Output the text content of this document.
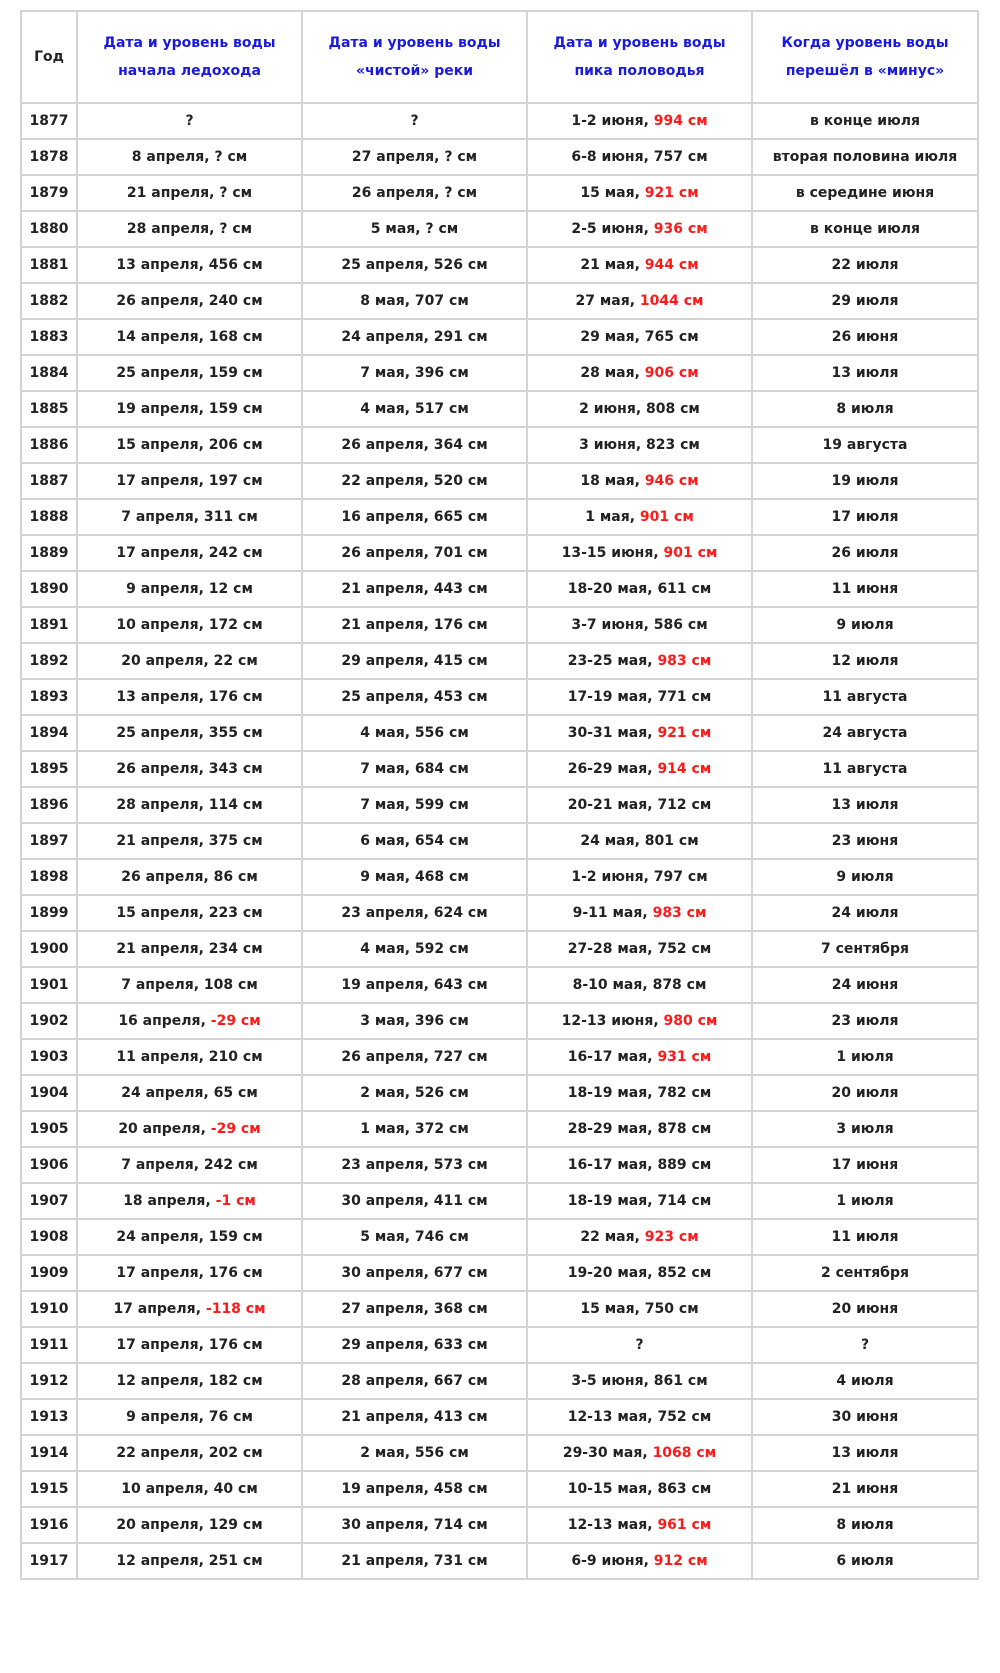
Год	Дата и уровень воды начала ледохода	Дата и уровень воды «чистой» реки	Дата и уровень воды пика половодья	Когда уровень воды перешёл в «минус»
1877	?	?	1-2 июня, 994 см	в конце июля
1878	8 апреля, ? см	27 апреля, ? см	6-8 июня, 757 см	вторая половина июля
1879	21 апреля, ? см	26 апреля, ? см	15 мая, 921 см	в середине июня
1880	28 апреля, ? см	5 мая, ? см	2-5 июня, 936 см	в конце июля
1881	13 апреля, 456 см	25 апреля, 526 см	21 мая, 944 см	22 июля
1882	26 апреля, 240 см	8 мая, 707 см	27 мая, 1044 см	29 июля
1883	14 апреля, 168 см	24 апреля, 291 см	29 мая, 765 см	26 июня
1884	25 апреля, 159 см	7 мая, 396 см	28 мая, 906 см	13 июля
1885	19 апреля, 159 см	4 мая, 517 см	2 июня, 808 см	8 июля
1886	15 апреля, 206 см	26 апреля, 364 см	3 июня, 823 см	19 августа
1887	17 апреля, 197 см	22 апреля, 520 см	18 мая, 946 см	19 июля
1888	7 апреля, 311 см	16 апреля, 665 см	1 мая, 901 см	17 июля
1889	17 апреля, 242 см	26 апреля, 701 см	13-15 июня, 901 см	26 июля
1890	9 апреля, 12 см	21 апреля, 443 см	18-20 мая, 611 см	11 июня
1891	10 апреля, 172 см	21 апреля, 176 см	3-7 июня, 586 см	9 июля
1892	20 апреля, 22 см	29 апреля, 415 см	23-25 мая, 983 см	12 июля
1893	13 апреля, 176 см	25 апреля, 453 см	17-19 мая, 771 см	11 августа
1894	25 апреля, 355 см	4 мая, 556 см	30-31 мая, 921 см	24 августа
1895	26 апреля, 343 см	7 мая, 684 см	26-29 мая, 914 см	11 августа
1896	28 апреля, 114 см	7 мая, 599 см	20-21 мая, 712 см	13 июля
1897	21 апреля, 375 см	6 мая, 654 см	24 мая, 801 см	23 июня
1898	26 апреля, 86 см	9 мая, 468 см	1-2 июня, 797 см	9 июля
1899	15 апреля, 223 см	23 апреля, 624 см	9-11 мая, 983 см	24 июля
1900	21 апреля, 234 см	4 мая, 592 см	27-28 мая, 752 см	7 сентября
1901	7 апреля, 108 см	19 апреля, 643 см	8-10 мая, 878 см	24 июня
1902	16 апреля, -29 см	3 мая, 396 см	12-13 июня, 980 см	23 июля
1903	11 апреля, 210 см	26 апреля, 727 см	16-17 мая, 931 см	1 июля
1904	24 апреля, 65 см	2 мая, 526 см	18-19 мая, 782 см	20 июля
1905	20 апреля, -29 см	1 мая, 372 см	28-29 мая, 878 см	3 июля
1906	7 апреля, 242 см	23 апреля, 573 см	16-17 мая, 889 см	17 июня
1907	18 апреля, -1 см	30 апреля, 411 см	18-19 мая, 714 см	1 июля
1908	24 апреля, 159 см	5 мая, 746 см	22 мая, 923 см	11 июля
1909	17 апреля, 176 см	30 апреля, 677 см	19-20 мая, 852 см	2 сентября
1910	17 апреля, -118 см	27 апреля, 368 см	15 мая, 750 см	20 июня
1911	17 апреля, 176 см	29 апреля, 633 см	?	?
1912	12 апреля, 182 см	28 апреля, 667 см	3-5 июня, 861 см	4 июля
1913	9 апреля, 76 см	21 апреля, 413 см	12-13 мая, 752 см	30 июня
1914	22 апреля, 202 см	2 мая, 556 см	29-30 мая, 1068 см	13 июля
1915	10 апреля, 40 см	19 апреля, 458 см	10-15 мая, 863 см	21 июня
1916	20 апреля, 129 см	30 апреля, 714 см	12-13 мая, 961 см	8 июля
1917	12 апреля, 251 см	21 апреля, 731 см	6-9 июня, 912 см	6 июля
